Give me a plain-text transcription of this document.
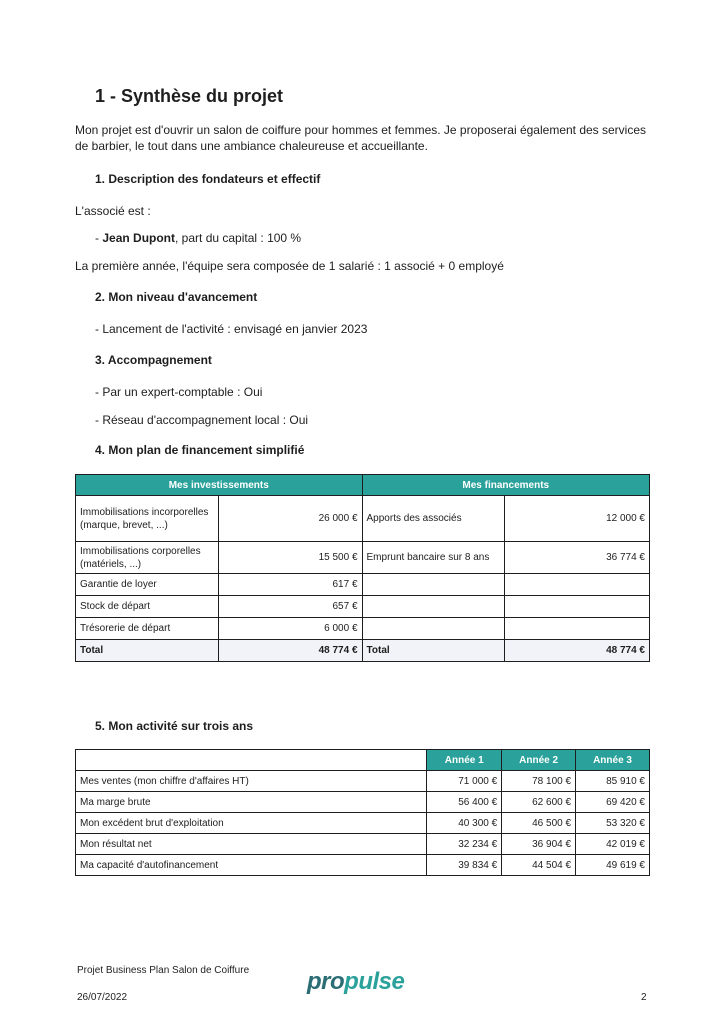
1 - Synthèse du projet
Mon projet est d'ouvrir un salon de coiffure pour hommes et femmes. Je proposerai également des services de barbier, le tout dans une ambiance chaleureuse et accueillante.
1. Description des fondateurs et effectif
L'associé est :
- Jean Dupont, part du capital : 100 %
La première année, l'équipe sera composée de 1 salarié : 1 associé + 0 employé
2. Mon niveau d'avancement
- Lancement de l'activité : envisagé en janvier 2023
3. Accompagnement
- Par un expert-comptable : Oui
- Réseau d'accompagnement local : Oui
4. Mon plan de financement simplifié
Mes investissements		Mes financements	
Immobilisations incorporelles (marque, brevet, ...)	26 000 €	Apports des associés	12 000 €
Immobilisations corporelles (matériels, ...)	15 500 €	Emprunt bancaire sur 8 ans	36 774 €
Garantie de loyer	617 €		
Stock de départ	657 €		
Trésorerie de départ	6 000 €		
Total	48 774 €	Total	48 774 €
5. Mon activité sur trois ans
	Année 1	Année 2	Année 3
Mes ventes (mon chiffre d'affaires HT)	71 000 €	78 100 €	85 910 €
Ma marge brute	56 400 €	62 600 €	69 420 €
Mon excédent brut d'exploitation	40 300 €	46 500 €	53 320 €
Mon résultat net	32 234 €	36 904 €	42 019 €
Ma capacité d'autofinancement	39 834 €	44 504 €	49 619 €
Projet Business Plan Salon de Coiffure propulse
26/07/2022	2
